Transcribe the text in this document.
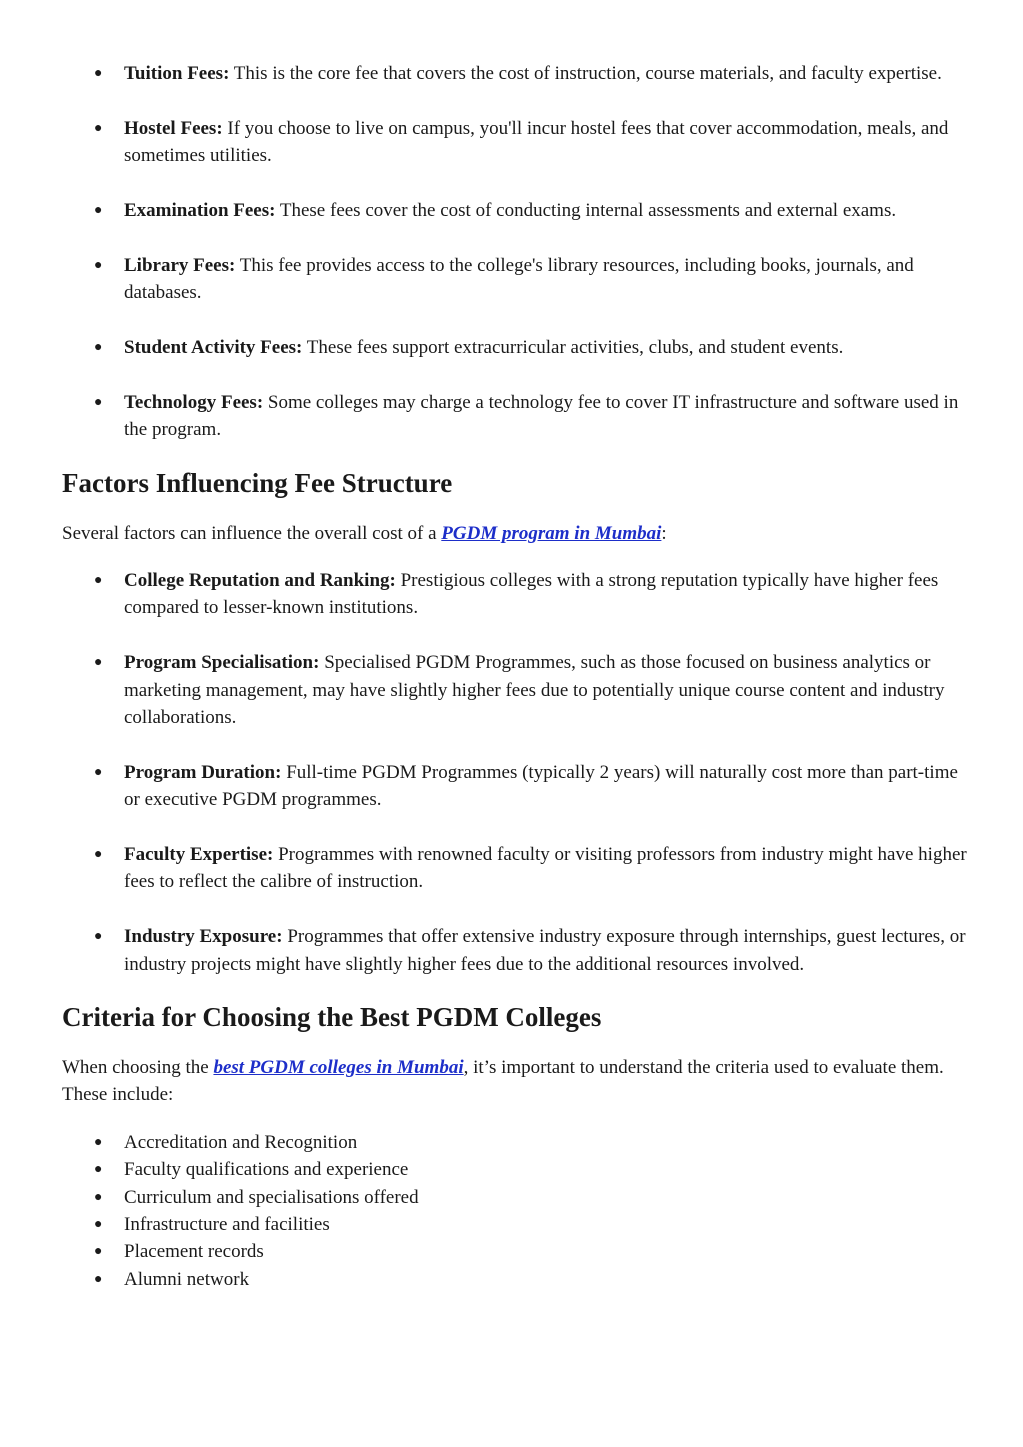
● Tuition Fees: This is the core fee that covers the cost of instruction, course materials, and faculty expertise.
● Hostel Fees: If you choose to live on campus, you'll incur hostel fees that cover accommodation, meals, and sometimes utilities.
● Examination Fees: These fees cover the cost of conducting internal assessments and external exams.
● Library Fees: This fee provides access to the college's library resources, including books, journals, and databases.
● Student Activity Fees: These fees support extracurricular activities, clubs, and student events.
● Technology Fees: Some colleges may charge a technology fee to cover IT infrastructure and software used in the program.
Factors Influencing Fee Structure

Several factors can influence the overall cost of a PGDM program in Mumbai:

● College Reputation and Ranking: Prestigious colleges with a strong reputation typically have higher fees compared to lesser-known institutions.
● Program Specialisation: Specialised PGDM Programmes, such as those focused on business analytics or marketing management, may have slightly higher fees due to potentially unique course content and industry collaborations.
● Program Duration: Full-time PGDM Programmes (typically 2 years) will naturally cost more than part-time or executive PGDM programmes.
● Faculty Expertise: Programmes with renowned faculty or visiting professors from industry might have higher fees to reflect the calibre of instruction.
● Industry Exposure: Programmes that offer extensive industry exposure through internships, guest lectures, or industry projects might have slightly higher fees due to the additional resources involved.
Criteria for Choosing the Best PGDM Colleges

When choosing the best PGDM colleges in Mumbai, it’s important to understand the criteria used to evaluate them. These include:

● Accreditation and Recognition
● Faculty qualifications and experience
● Curriculum and specialisations offered
● Infrastructure and facilities
● Placement records
● Alumni network
